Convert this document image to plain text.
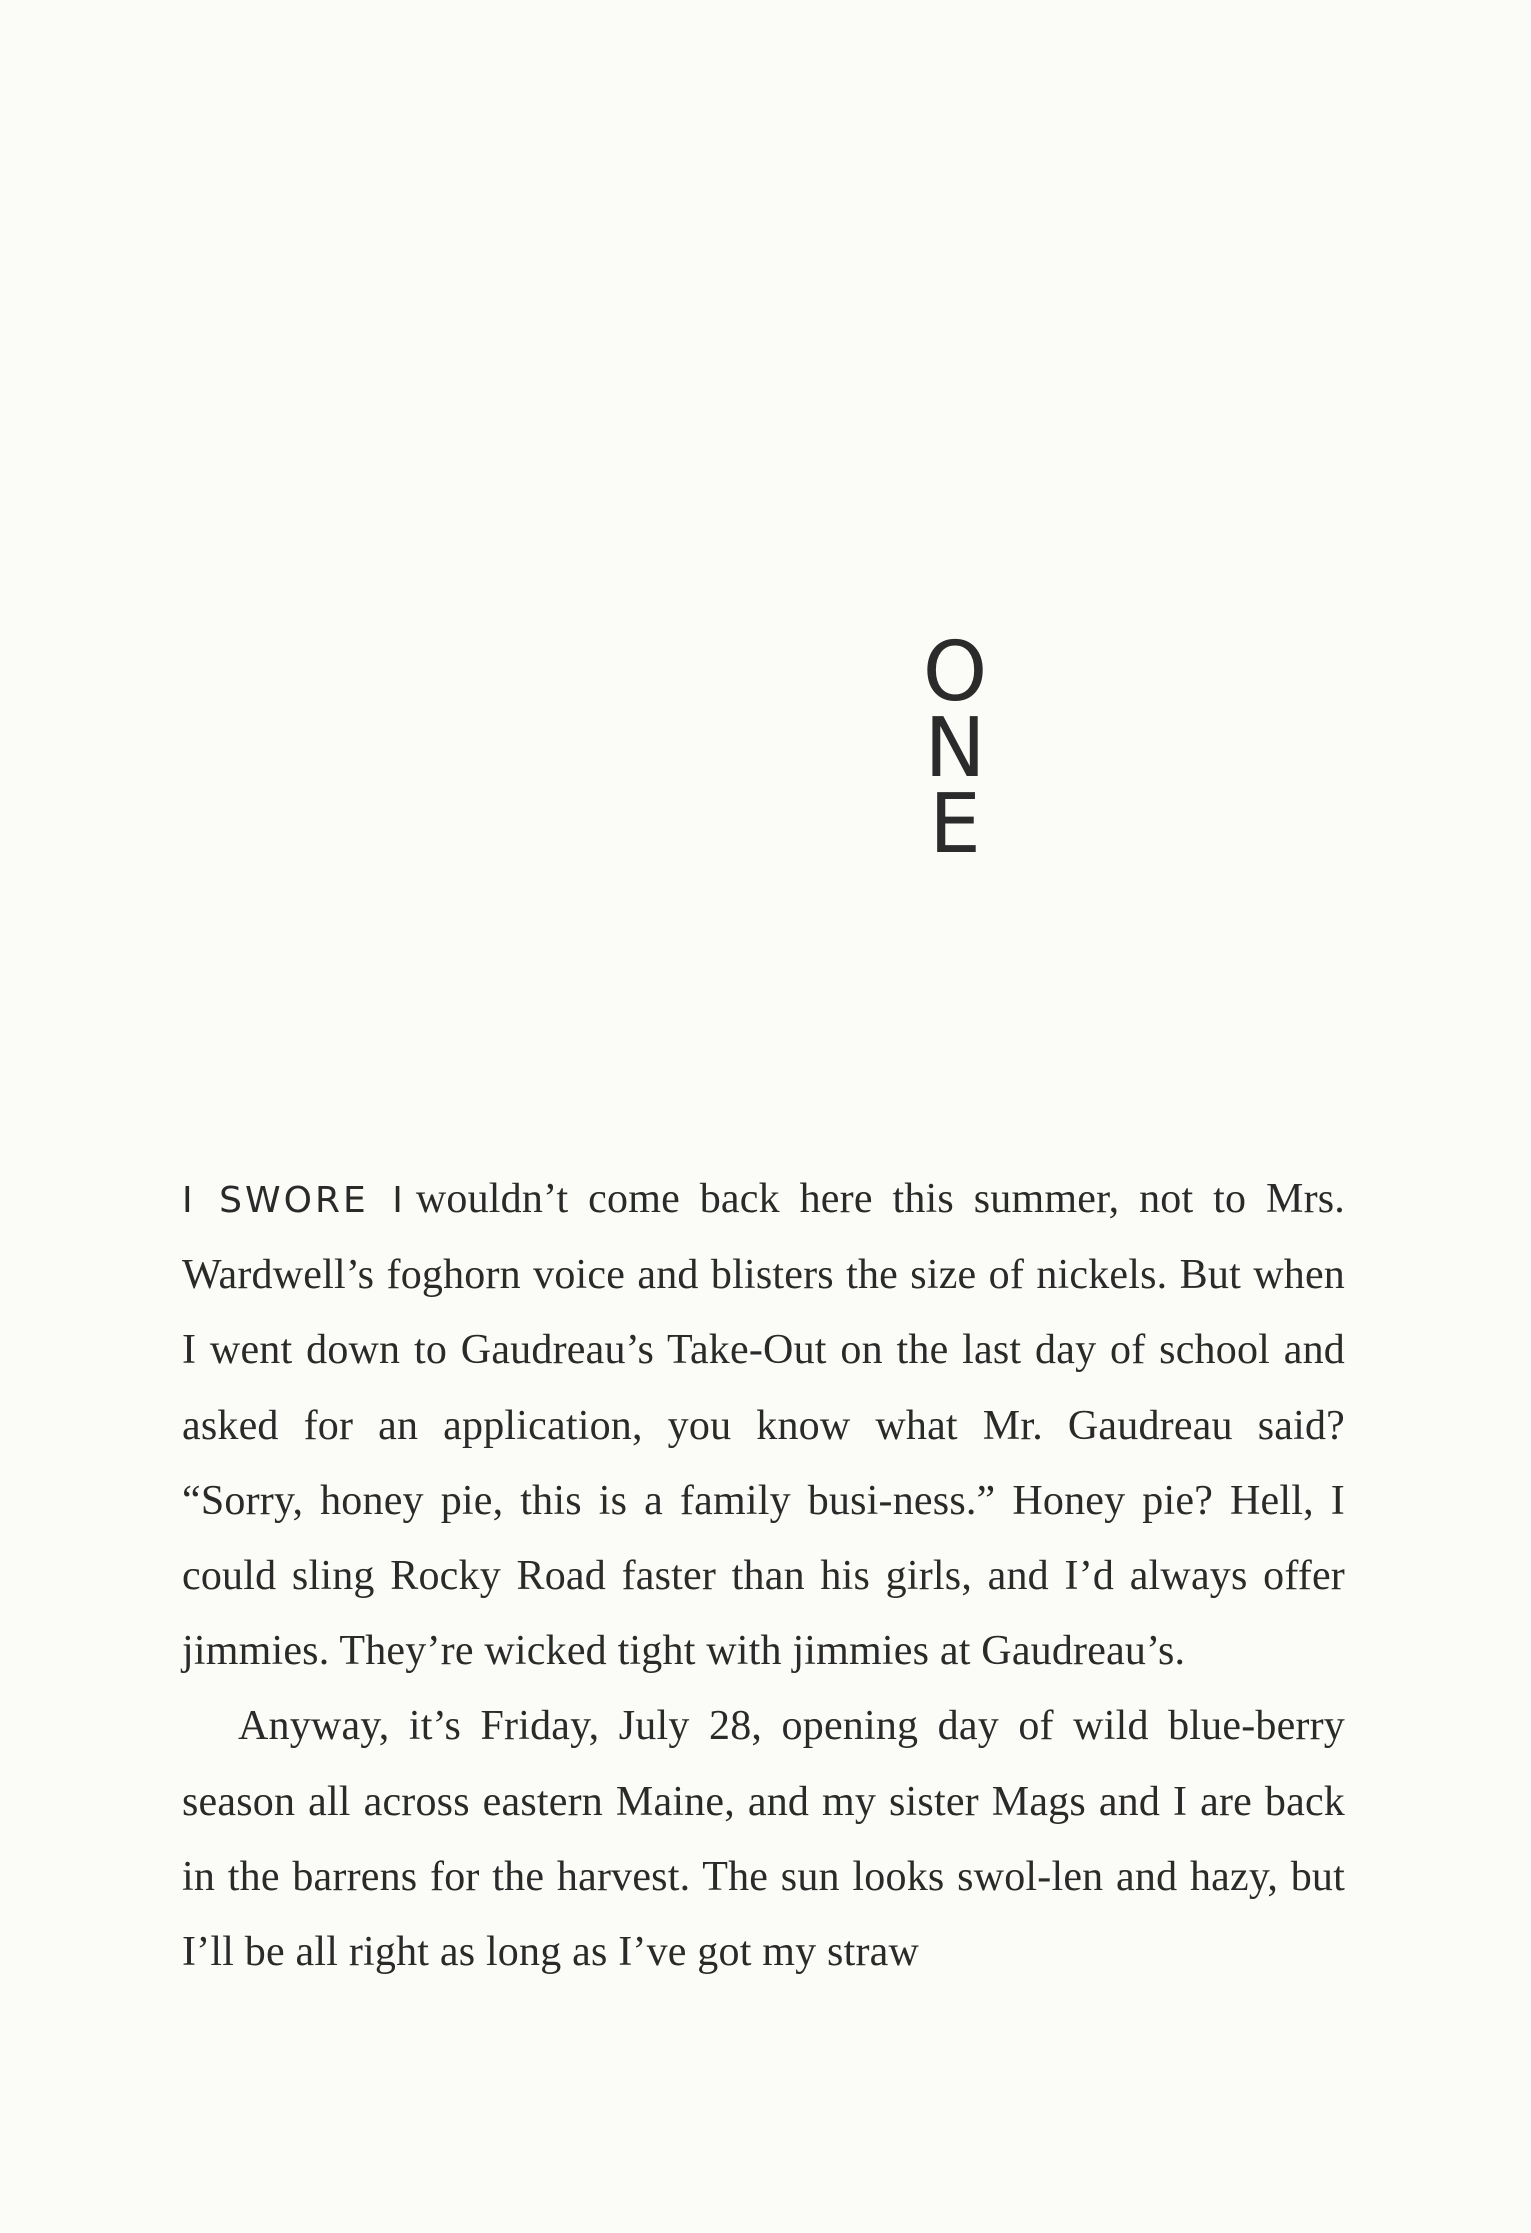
O
N
E

I SWORE I wouldn’t come back here this summer, not to Mrs. Wardwell’s foghorn voice and blisters the size of nickels. But when I went down to Gaudreau’s Take-Out on the last day of school and asked for an application, you know what Mr. Gaudreau said? “Sorry, honey pie, this is a family busi-ness.” Honey pie? Hell, I could sling Rocky Road faster than his girls, and I’d always offer jimmies. They’re wicked tight with jimmies at Gaudreau’s.

Anyway, it’s Friday, July 28, opening day of wild blue-berry season all across eastern Maine, and my sister Mags and I are back in the barrens for the harvest. The sun looks swol-len and hazy, but I’ll be all right as long as I’ve got my straw
